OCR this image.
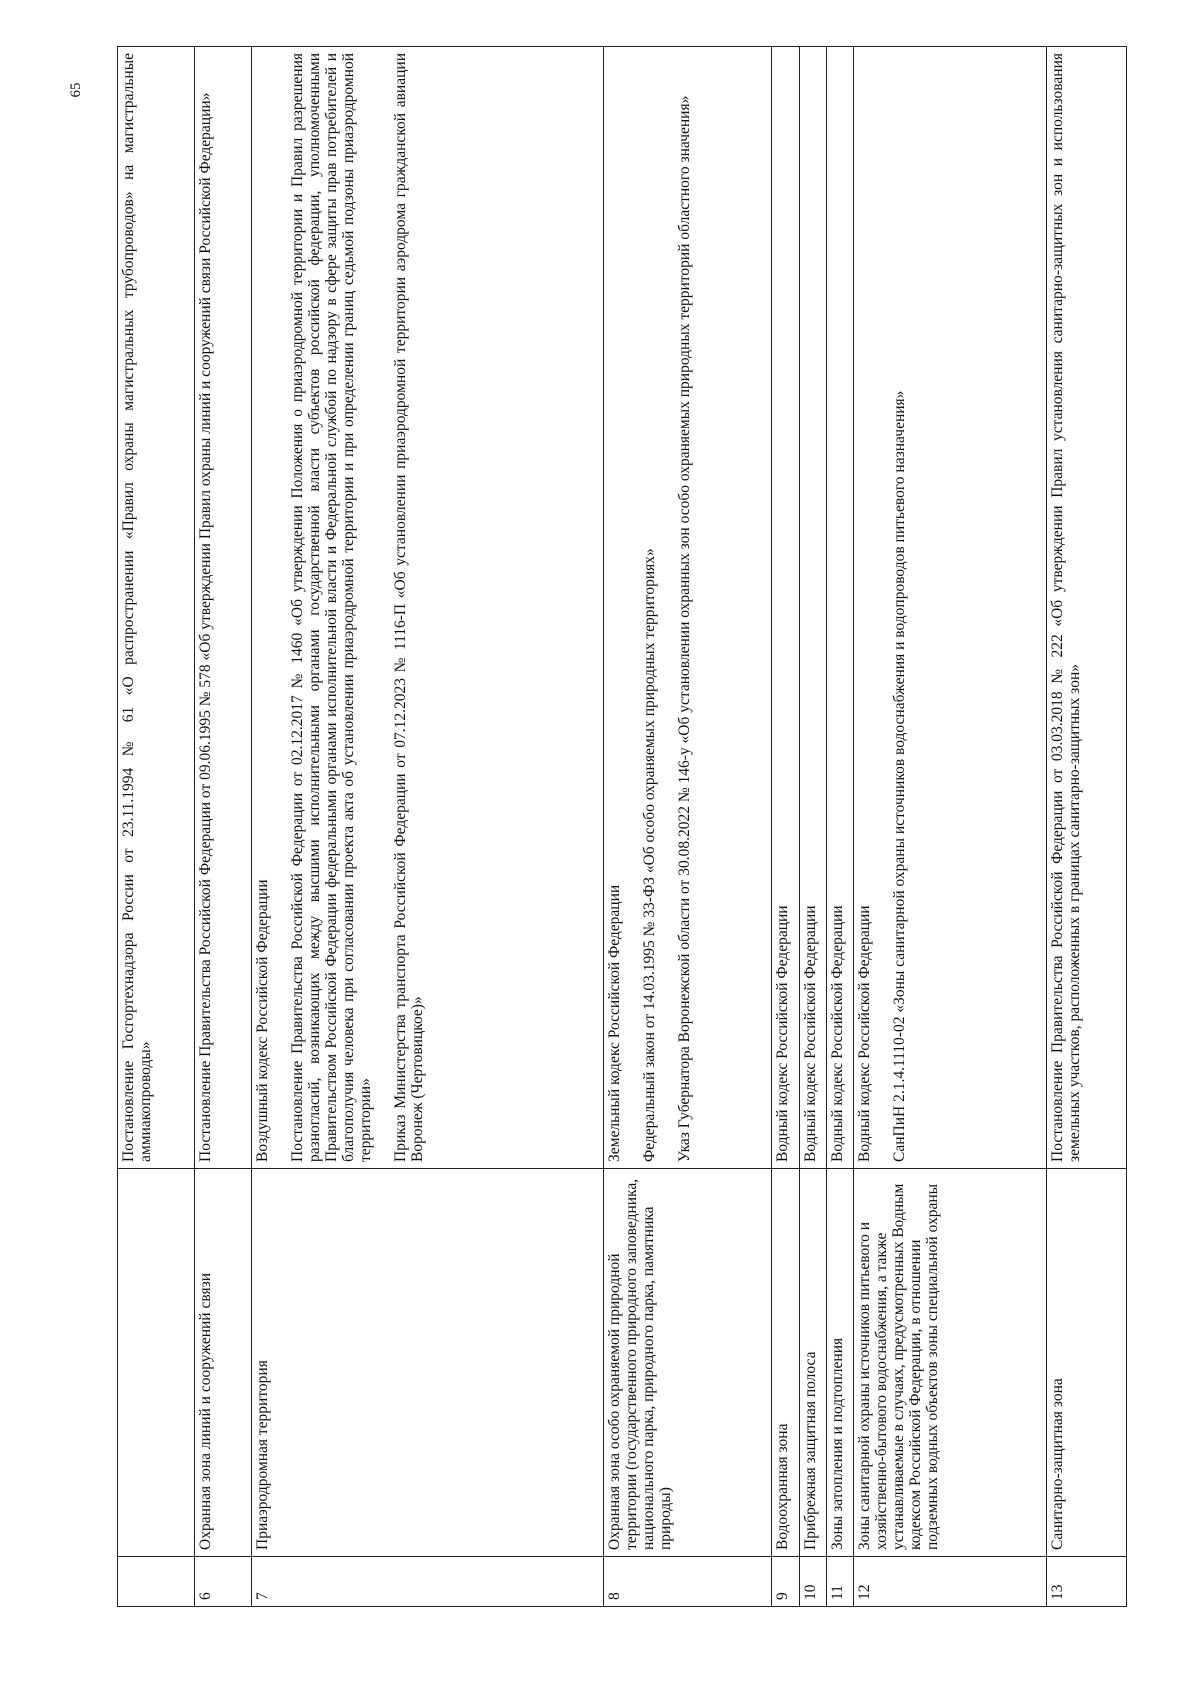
65

		Постановление Госгортехнадзора России от 23.11.1994 № 61 «О распространении «Правил охраны магистральных трубопроводов» на магистральные аммиакопроводы»

6	Охранная зона линий и сооружений связи	Постановление Правительства Российской Федерации от 09.06.1995 № 578 «Об утверждении Правил охраны линий и сооружений связи Российской Федерации»

7	Приаэродромная территория	Воздушный кодекс Российской Федерации Постановление Правительства Российской Федерации от 02.12.2017 № 1460 «Об утверждении Положения о приаэродромной территории и Правил разрешения разногласий, возникающих между высшими исполнительными органами государственной власти субъектов российской федерации, уполномоченными Правительством Российской Федерации федеральными органами исполнительной власти и Федеральной службой по надзору в сфере защиты прав потребителей и благополучия человека при согласовании проекта акта об установлении приаэродромной территории и при определении границ седьмой подзоны приаэродромной территории» Приказ Министерства транспорта Российской Федерации от 07.12.2023 № 1116-П «Об установлении приаэродромной территории аэродрома гражданской авиации Воронеж (Чертовицкое)»

8	Охранная зона особо охраняемой природной территории (государственного природного заповедника, национального парка, природного парка, памятника природы)	Земельный кодекс Российской Федерации Федеральный закон от 14.03.1995 № 33-ФЗ «Об особо охраняемых природных территориях» Указ Губернатора Воронежской области от 30.08.2022 № 146-у «Об установлении охранных зон особо охраняемых природных территорий областного значения»

9	Водоохранная зона	Водный кодекс Российской Федерации

10	Прибрежная защитная полоса	Водный кодекс Российской Федерации

11	Зоны затопления и подтопления	Водный кодекс Российской Федерации

12	Зоны санитарной охраны источников питьевого и хозяйственно-бытового водоснабжения, а также устанавливаемые в случаях, предусмотренных Водным кодексом Российской Федерации, в отношении подземных водных объектов зоны специальной охраны	Водный кодекс Российской Федерации СанПиН 2.1.4.1110-02 «Зоны санитарной охраны источников водоснабжения и водопроводов питьевого назначения»

13	Санитарно-защитная зона	Постановление Правительства Российской Федерации от 03.03.2018 № 222 «Об утверждении Правил установления санитарно-защитных зон и использования земельных участков, расположенных в границах санитарно-защитных зон»
